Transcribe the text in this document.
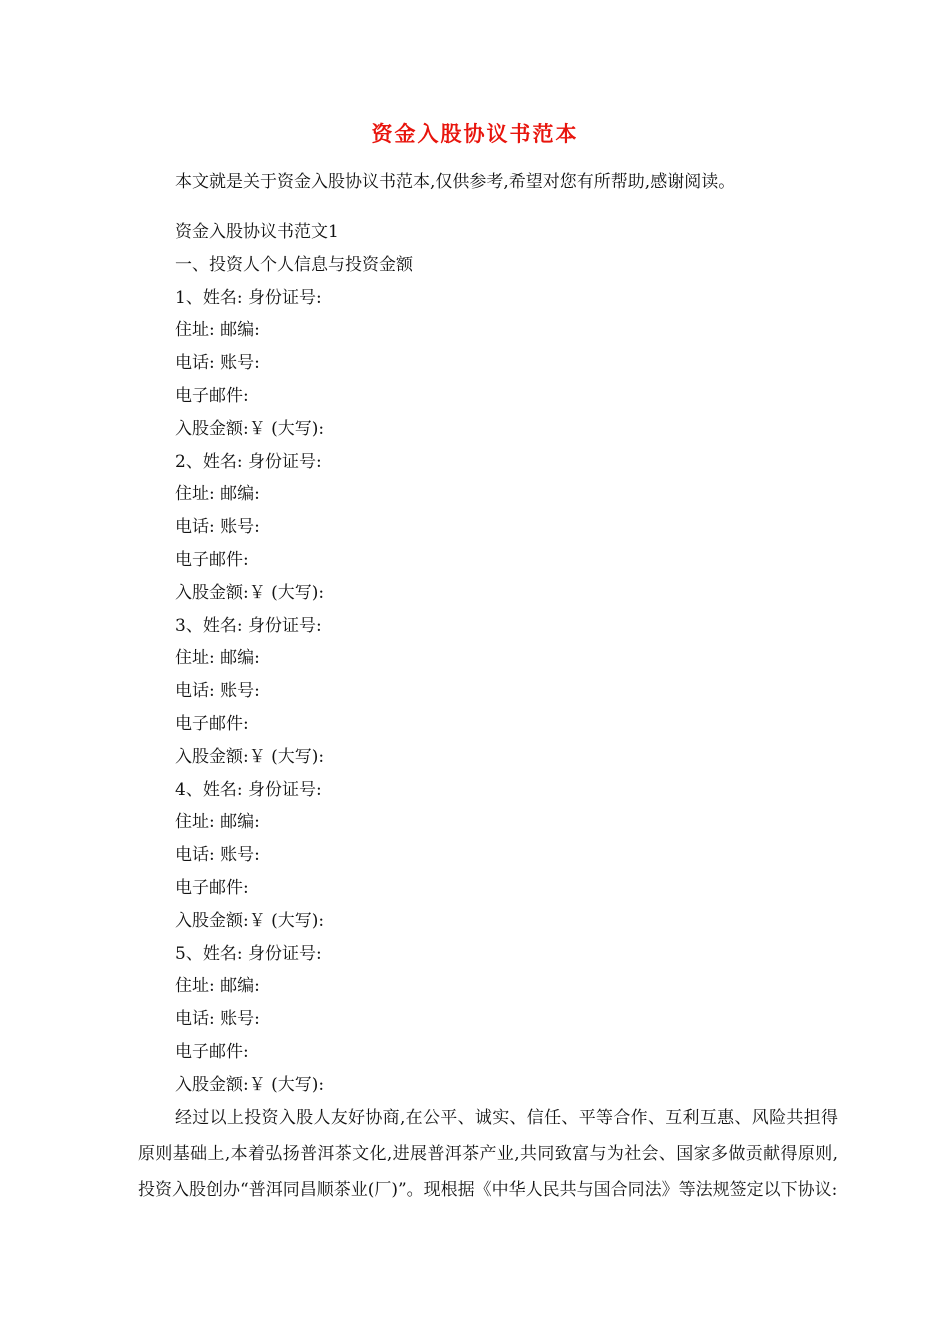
资金入股协议书范本
本文就是关于资金入股协议书范本,仅供参考,希望对您有所帮助,感谢阅读。
资金入股协议书范文1
一、投资人个人信息与投资金额
1、姓名: 身份证号:
住址: 邮编:
电话: 账号:
电子邮件:
入股金额:￥ (大写):
2、姓名: 身份证号:
住址: 邮编:
电话: 账号:
电子邮件:
入股金额:￥ (大写):
3、姓名: 身份证号:
住址: 邮编:
电话: 账号:
电子邮件:
入股金额:￥ (大写):
4、姓名: 身份证号:
住址: 邮编:
电话: 账号:
电子邮件:
入股金额:￥ (大写):
5、姓名: 身份证号:
住址: 邮编:
电话: 账号:
电子邮件:
入股金额:￥ (大写):
经过以上投资入股人友好协商,在公平、诚实、信任、平等合作、互利互惠、风险共担得原则基础上,本着弘扬普洱茶文化,进展普洱茶产业,共同致富与为社会、国家多做贡献得原则,投资入股创办“普洱同昌顺茶业(厂)”。现根据《中华人民共与国合同法》等法规签定以下协议:
